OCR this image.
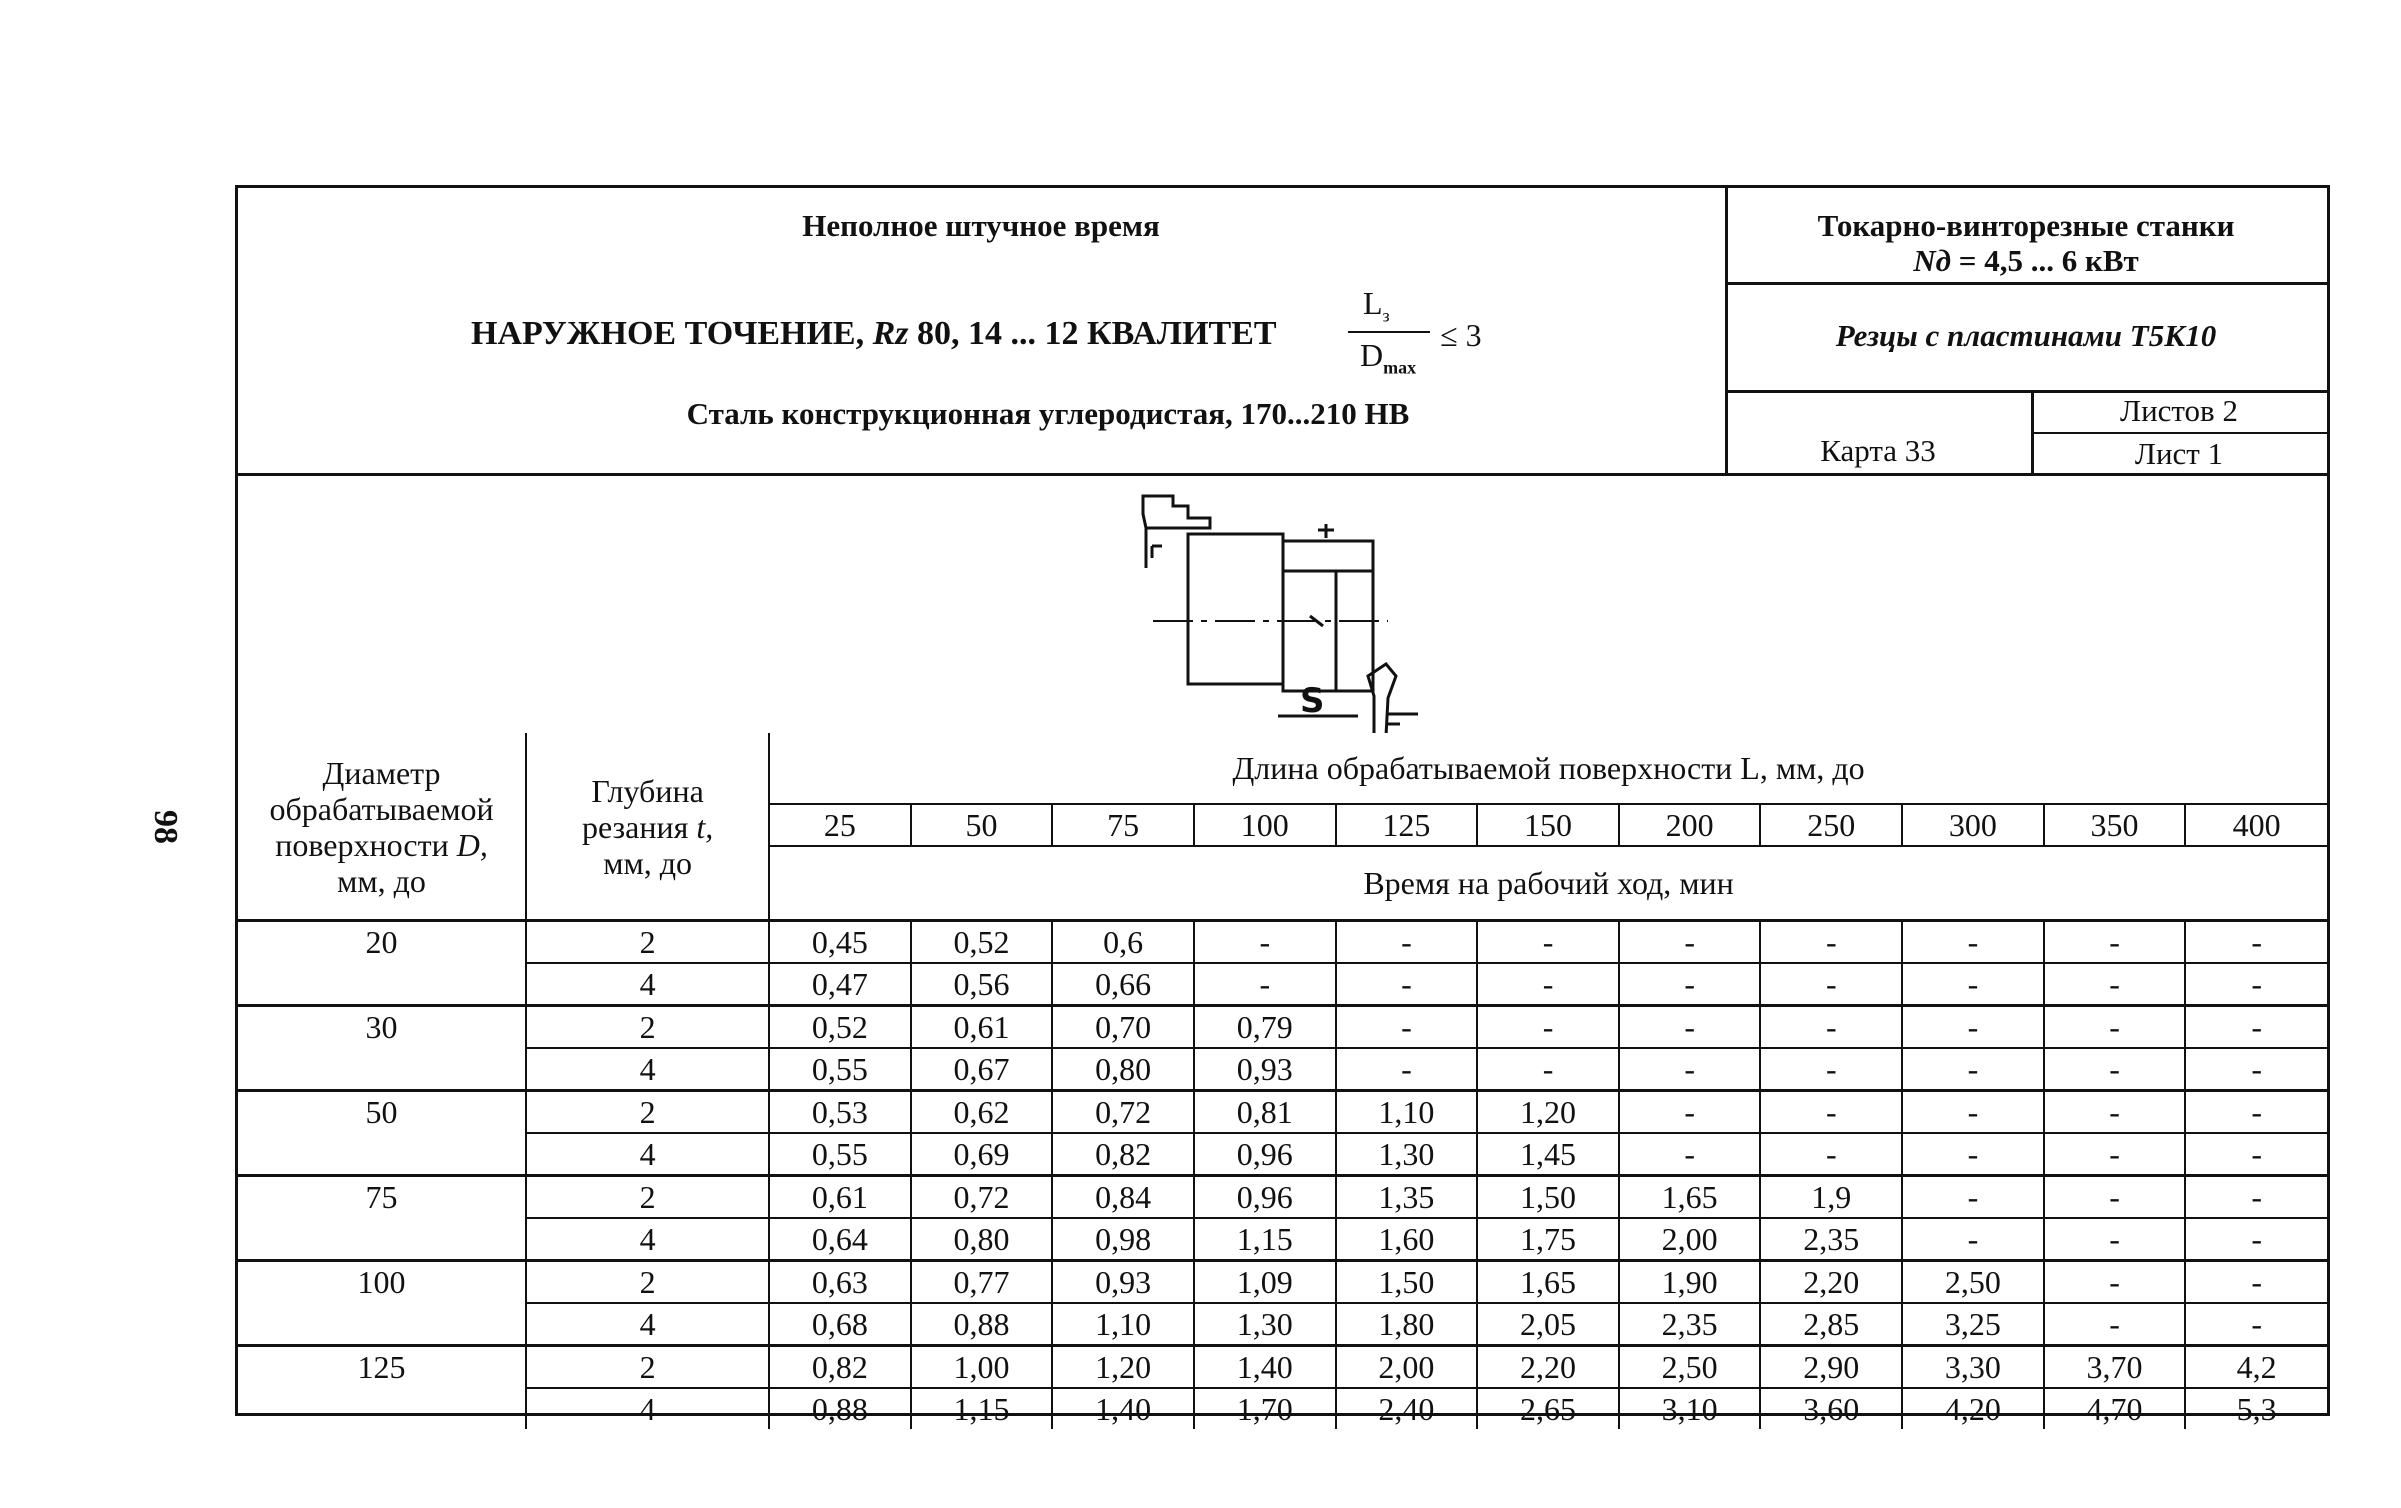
98
Неполное штучное время
НАРУЖНОЕ ТОЧЕНИЕ, Rz 80, 14 ... 12 КВАЛИТЕТ
$L_з$
$D_{max}$
≤ 3
Сталь конструкционная углеродистая, 170...210 НВ
Токарно-винторезные станки
Nд = 4,5 ... 6 кВт
Резцы с пластинами Т5К10
Карта 33
Листов 2
Лист 1
S
Диаметр
обрабатываемой
поверхности D,
мм, до	Глубина
резания t,
мм, до	Длина обрабатываемой поверхности L, мм, до										
		25	50	75	100	125	150	200	250	300	350	400
		Время на рабочий ход, мин										
20	2	0,45	0,52	0,6	-	-	-	-	-	-	-	-
	4	0,47	0,56	0,66	-	-	-	-	-	-	-	-
30	2	0,52	0,61	0,70	0,79	-	-	-	-	-	-	-
	4	0,55	0,67	0,80	0,93	-	-	-	-	-	-	-
50	2	0,53	0,62	0,72	0,81	1,10	1,20	-	-	-	-	-
	4	0,55	0,69	0,82	0,96	1,30	1,45	-	-	-	-	-
75	2	0,61	0,72	0,84	0,96	1,35	1,50	1,65	1,9	-	-	-
	4	0,64	0,80	0,98	1,15	1,60	1,75	2,00	2,35	-	-	-
100	2	0,63	0,77	0,93	1,09	1,50	1,65	1,90	2,20	2,50	-	-
	4	0,68	0,88	1,10	1,30	1,80	2,05	2,35	2,85	3,25	-	-
125	2	0,82	1,00	1,20	1,40	2,00	2,20	2,50	2,90	3,30	3,70	4,2
	4	0,88	1,15	1,40	1,70	2,40	2,65	3,10	3,60	4,20	4,70	5,3
